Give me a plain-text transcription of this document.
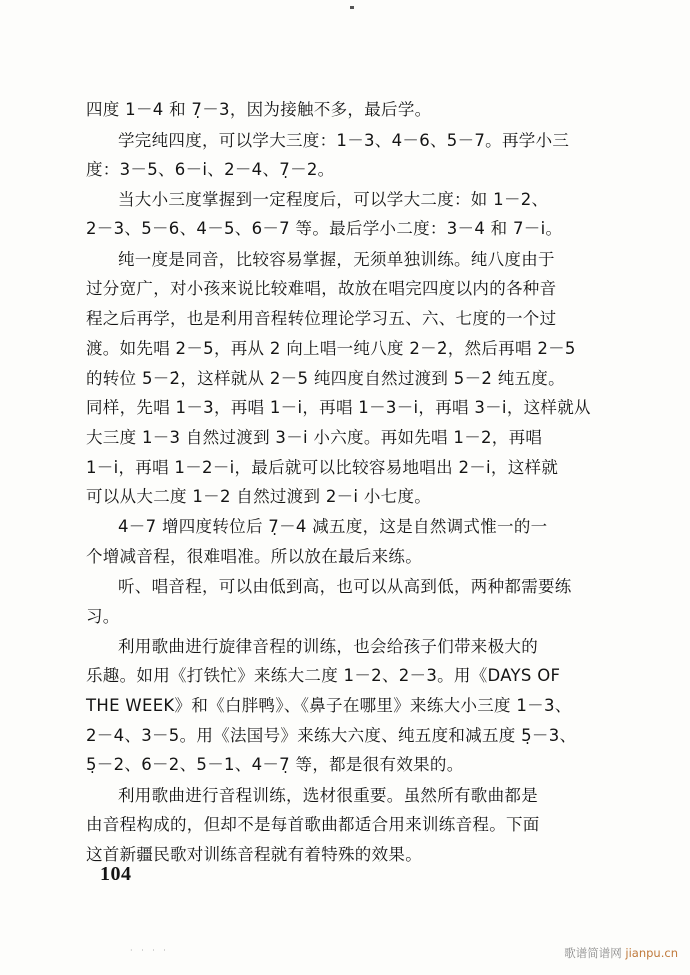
四度 1－4 和 7̣－3，因为接触不多，最后学。
学完纯四度，可以学大三度：1－3、4－6、5－7。再学小三
度：3－5、6－i̇、2－4、7̣－2。
当大小三度掌握到一定程度后，可以学大二度：如 1－2、
2－3、5－6、4－5、6－7 等。最后学小二度：3－4 和 7－i̇。
纯一度是同音，比较容易掌握，无须单独训练。纯八度由于
过分宽广，对小孩来说比较难唱，故放在唱完四度以内的各种音
程之后再学，也是利用音程转位理论学习五、六、七度的一个过
渡。如先唱 2－5，再从 2 向上唱一纯八度 2－2̇，然后再唱 2－5
的转位 5－2̇，这样就从 2－5 纯四度自然过渡到 5－2̇ 纯五度。
同样，先唱 1－3，再唱 1－i̇，再唱 1－3－i̇，再唱 3－i̇，这样就从
大三度 1－3 自然过渡到 3－i̇ 小六度。再如先唱 1－2，再唱
1－i̇，再唱 1－2－i̇，最后就可以比较容易地唱出 2－i̇，这样就
可以从大二度 1－2 自然过渡到 2－i̇ 小七度。
4－7 增四度转位后 7̣－4 减五度，这是自然调式惟一的一
个增减音程，很难唱准。所以放在最后来练。
听、唱音程，可以由低到高，也可以从高到低，两种都需要练
习。
利用歌曲进行旋律音程的训练，也会给孩子们带来极大的
乐趣。如用《打铁忙》来练大二度 1－2、2－3。用《DAYS OF
THE WEEK》和《白胖鸭》、《鼻子在哪里》来练大小三度 1－3、
2－4、3－5。用《法国号》来练大六度、纯五度和减五度 5̣－3、
5̣－2、6－2、5－1、4－7̣ 等，都是很有效果的。
利用歌曲进行音程训练，选材很重要。虽然所有歌曲都是
由音程构成的，但却不是每首歌曲都适合用来训练音程。下面
这首新疆民歌对训练音程就有着特殊的效果。
104
· · · ·	歌谱简谱网 jianpu.cn
